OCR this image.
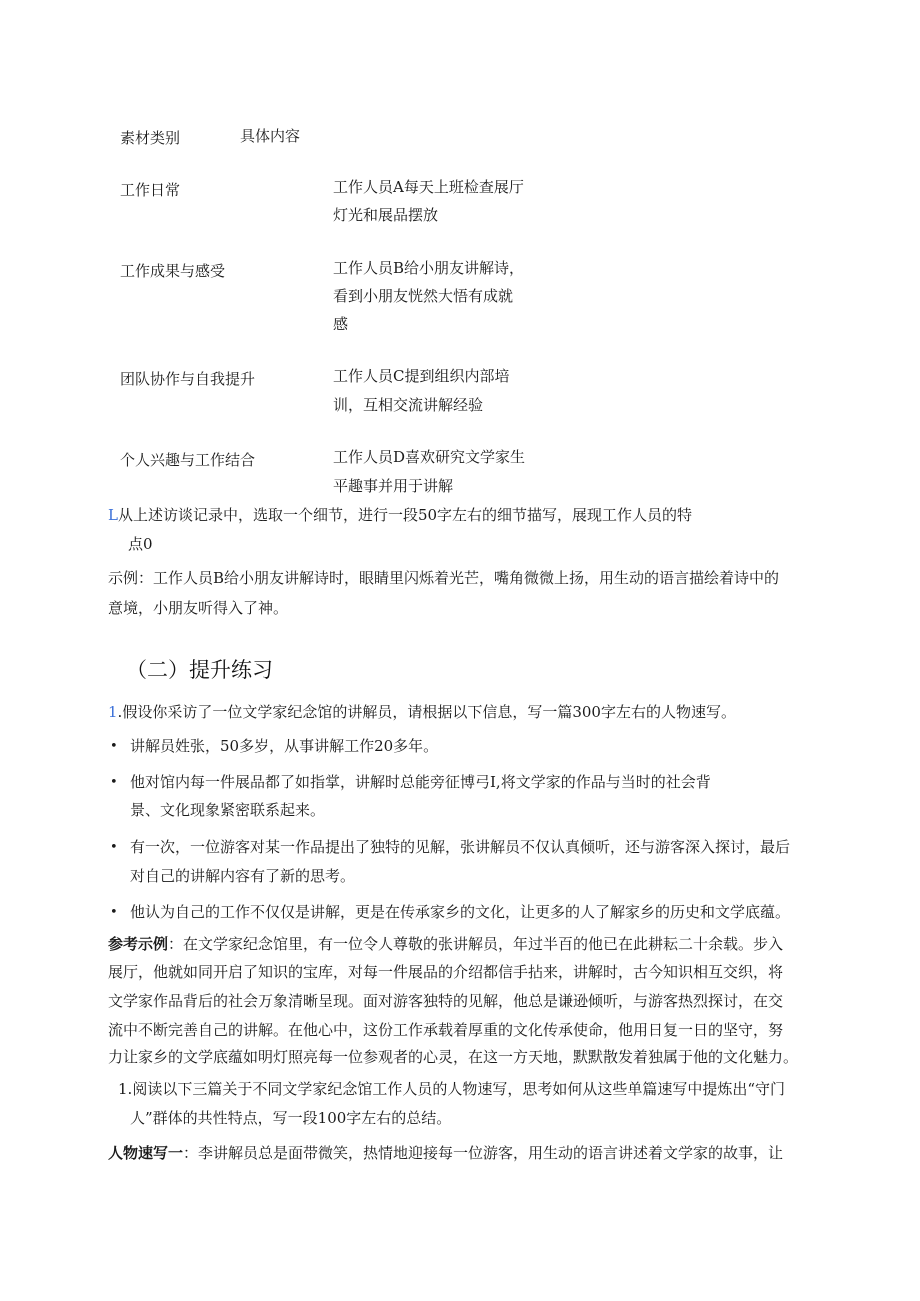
素材类别	具体内容
工作日常	工作人员A每天上班检查展厅
灯光和展品摆放
工作成果与感受	工作人员B给小朋友讲解诗，
看到小朋友恍然大悟有成就
感
团队协作与自我提升	工作人员C提到组织内部培
训，互相交流讲解经验
个人兴趣与工作结合	工作人员D喜欢研究文学家生
平趣事并用于讲解
L从上述访谈记录中，选取一个细节，进行一段50字左右的细节描写，展现工作人员的特
点0
示例：工作人员B给小朋友讲解诗时，眼睛里闪烁着光芒，嘴角微微上扬，用生动的语言描绘着诗中的
意境，小朋友听得入了神。
（二）提升练习
1.假设你采访了一位文学家纪念馆的讲解员，请根据以下信息，写一篇300字左右的人物速写。
• 讲解员姓张，50多岁，从事讲解工作20多年。
• 他对馆内每一件展品都了如指掌，讲解时总能旁征博弓I,将文学家的作品与当时的社会背
景、文化现象紧密联系起来。
• 有一次，一位游客对某一作品提出了独特的见解，张讲解员不仅认真倾听，还与游客深入探讨，最后
对自己的讲解内容有了新的思考。
• 他认为自己的工作不仅仅是讲解，更是在传承家乡的文化，让更多的人了解家乡的历史和文学底蕴。
参考示例：在文学家纪念馆里，有一位令人尊敬的张讲解员，年过半百的他已在此耕耘二十余载。步入
展厅，他就如同开启了知识的宝库，对每一件展品的介绍都信手拈来，讲解时，古今知识相互交织，将
文学家作品背后的社会万象清晰呈现。面对游客独特的见解，他总是谦逊倾听，与游客热烈探讨，在交
流中不断完善自己的讲解。在他心中，这份工作承载着厚重的文化传承使命，他用日复一日的坚守，努
力让家乡的文学底蕴如明灯照亮每一位参观者的心灵，在这一方天地，默默散发着独属于他的文化魅力。
1.阅读以下三篇关于不同文学家纪念馆工作人员的人物速写，思考如何从这些单篇速写中提炼出“守门
人”群体的共性特点，写一段100字左右的总结。
人物速写一：李讲解员总是面带微笑，热情地迎接每一位游客，用生动的语言讲述着文学家的故事，让
